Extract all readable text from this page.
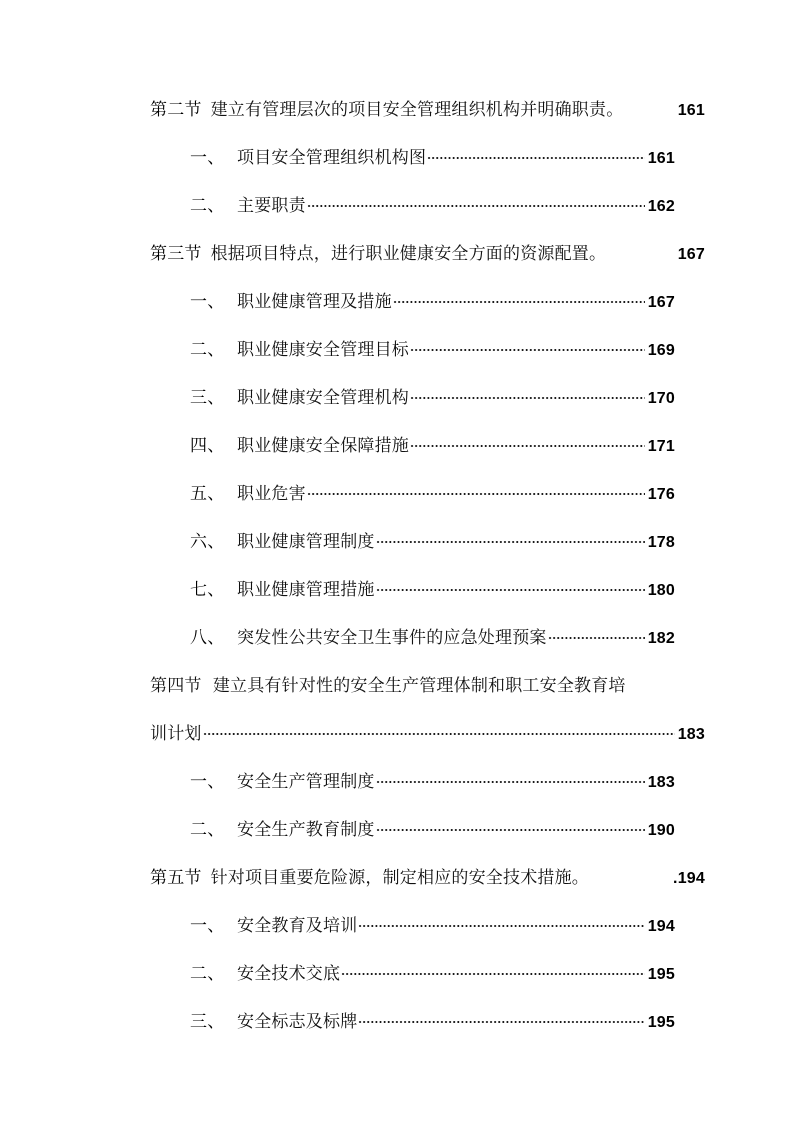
第二节 建立有管理层次的项目安全管理组织机构并明确职责。	161
一、 项目安全管理组织机构图	161
二、 主要职责	162
第三节 根据项目特点，进行职业健康安全方面的资源配置。	167
一、 职业健康管理及措施	167
二、 职业健康安全管理目标	169
三、 职业健康安全管理机构	170
四、 职业健康安全保障措施	171
五、 职业危害	176
六、 职业健康管理制度	178
七、 职业健康管理措施	180
八、 突发性公共安全卫生事件的应急处理预案	182
第四节 建立具有针对性的安全生产管理体制和职工安全教育培
训计划	183
一、 安全生产管理制度	183
二、 安全生产教育制度	190
第五节 针对项目重要危险源，制定相应的安全技术措施。	.194
一、 安全教育及培训	194
二、 安全技术交底	195
三、 安全标志及标牌	195
